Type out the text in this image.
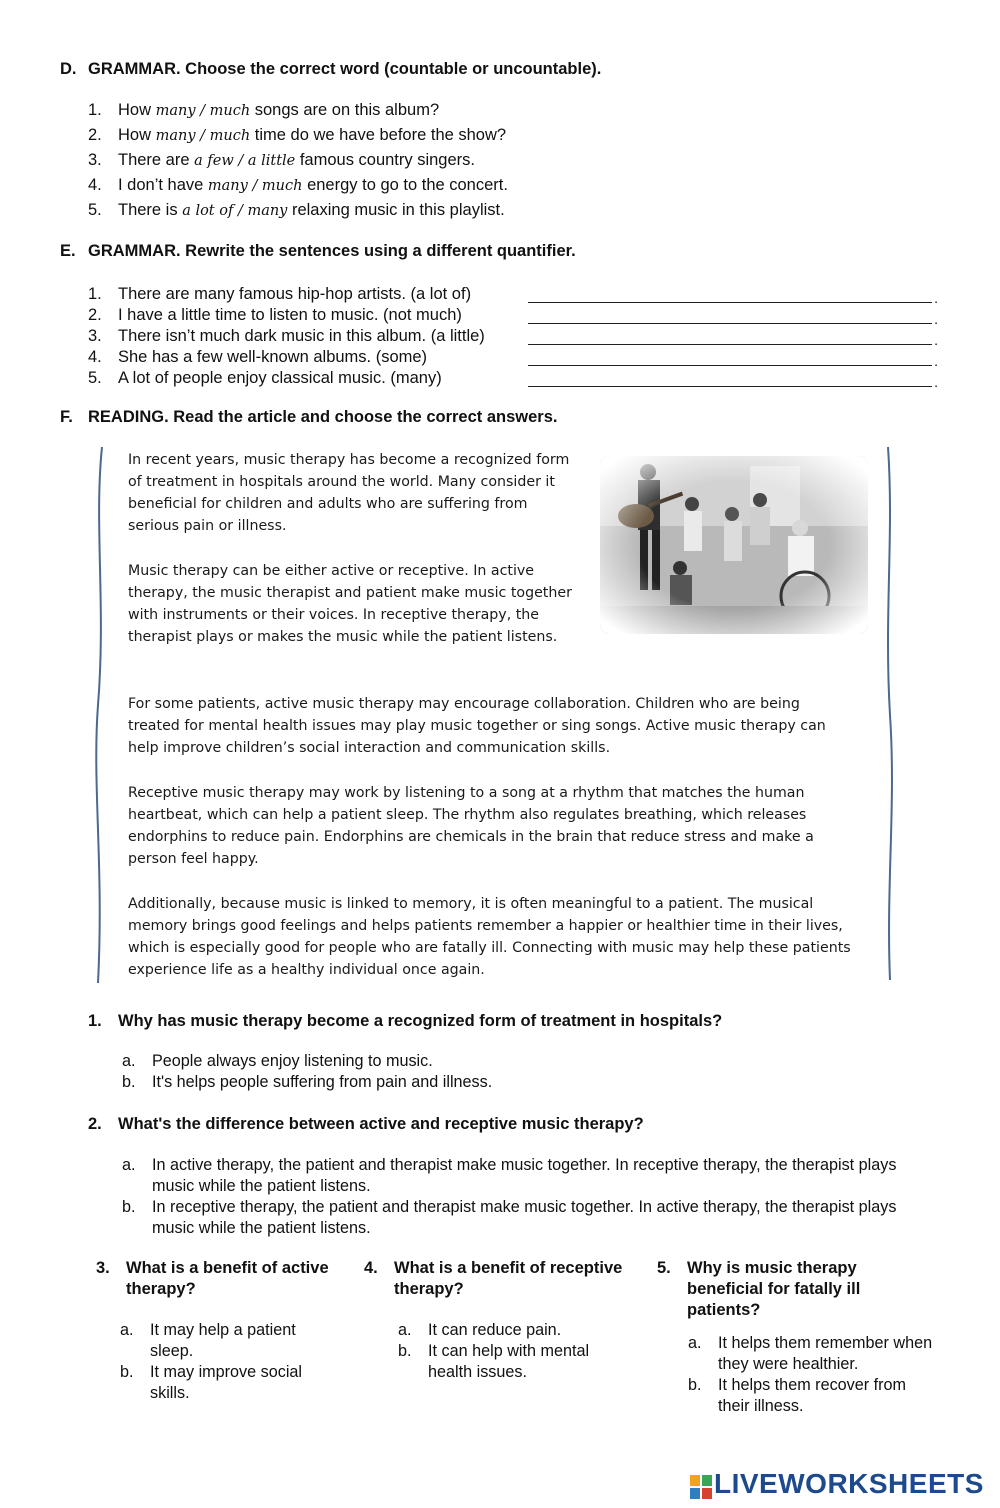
D. GRAMMAR. Choose the correct word (countable or uncountable).
1. How many / much songs are on this album?
2. How many / much time do we have before the show?
3. There are a few / a little famous country singers.
4. I don’t have many / much energy to go to the concert.
5. There is a lot of / many relaxing music in this playlist.
E. GRAMMAR. Rewrite the sentences using a different quantifier.
1. There are many famous hip-hop artists. (a lot of)
2. I have a little time to listen to music. (not much)
3. There isn’t much dark music in this album. (a little)
4. She has a few well-known albums. (some)
5. A lot of people enjoy classical music. (many)
.
.
.
.
.
F. READING. Read the article and choose the correct answers.
In recent years, music therapy has become a recognized form of treatment in hospitals around the world. Many consider it beneficial for children and adults who are suffering from serious pain or illness.
Music therapy can be either active or receptive. In active therapy, the music therapist and patient make music together with instruments or their voices. In receptive therapy, the therapist plays or makes the music while the patient listens.
For some patients, active music therapy may encourage collaboration. Children who are being treated for mental health issues may play music together or sing songs. Active music therapy can help improve children’s social interaction and communication skills.
Receptive music therapy may work by listening to a song at a rhythm that matches the human heartbeat, which can help a patient sleep. The rhythm also regulates breathing, which releases endorphins to reduce pain. Endorphins are chemicals in the brain that reduce stress and make a person feel happy.
Additionally, because music is linked to memory, it is often meaningful to a patient. The musical memory brings good feelings and helps patients remember a happier or healthier time in their lives, which is especially good for people who are fatally ill. Connecting with music may help these patients experience life as a healthy individual once again.
1. Why has music therapy become a recognized form of treatment in hospitals?
a. People always enjoy listening to music.
b. It's helps people suffering from pain and illness.
2. What's the difference between active and receptive music therapy?
a. In active therapy, the patient and therapist make music together. In receptive therapy, the therapist plays music while the patient listens.
b. In receptive therapy, the patient and therapist make music together. In active therapy, the therapist plays music while the patient listens.
3. What is a benefit of active therapy?
a. It may help a patient sleep.
b. It may improve social skills.
4. What is a benefit of receptive therapy?
a. It can reduce pain.
b. It can help with mental health issues.
5. Why is music therapy beneficial for fatally ill patients?
a. It helps them remember when they were healthier.
b. It helps them recover from their illness.
LIVEWORKSHEETS
